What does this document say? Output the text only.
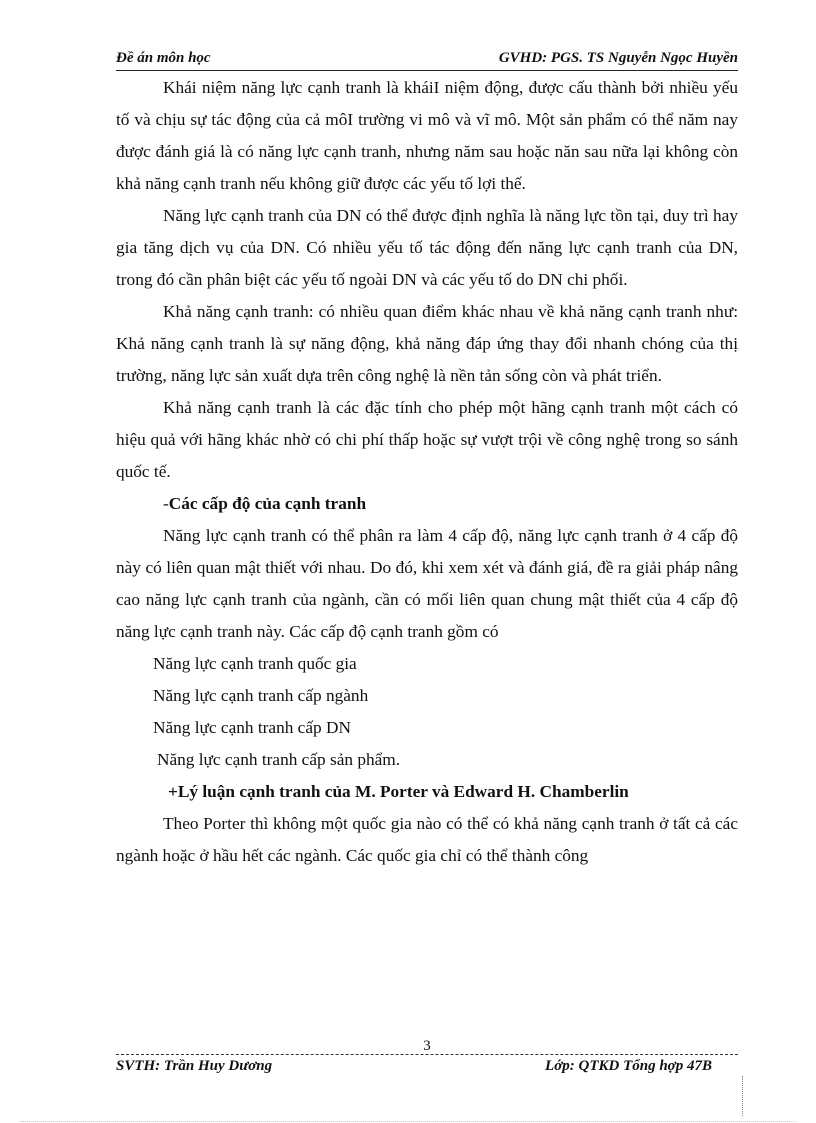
Đề án môn học	GVHD: PGS. TS Nguyễn Ngọc Huyền

Khái niệm năng lực cạnh tranh là kháiI niệm động, được cấu thành bởi nhiều yếu tố và chịu sự tác động của cả môI trường vi mô và vĩ mô. Một sản phẩm có thể năm nay được đánh giá là có năng lực cạnh tranh, nhưng năm sau hoặc năn sau nữa lại không còn khả năng cạnh tranh nếu không giữ được các yếu tố lợi thế.

Năng lực cạnh tranh của DN có thể được định nghĩa là năng lực tồn tại, duy trì hay gia tăng dịch vụ của DN. Có nhiều yếu tố tác động đến năng lực cạnh tranh của DN, trong đó cần phân biệt các yếu tố ngoài DN và các yếu tố do DN chi phối.

Khả năng cạnh tranh: có nhiều quan điểm khác nhau về khả năng cạnh tranh như: Khả năng cạnh tranh là sự năng động, khả năng đáp ứng thay đổi nhanh chóng của thị trường, năng lực sản xuất dựa trên công nghệ là nền tản sống còn và phát triển.

Khả năng cạnh tranh là các đặc tính cho phép một hãng cạnh tranh một cách có hiệu quả với hãng khác nhờ có chi phí thấp hoặc sự vượt trội về công nghệ trong so sánh quốc tế.

-Các cấp độ của cạnh tranh

Năng lực cạnh tranh có thể phân ra làm 4 cấp độ, năng lực cạnh tranh ở 4 cấp độ này có liên quan mật thiết với nhau. Do đó, khi xem xét và đánh giá, đề ra giải pháp nâng cao năng lực cạnh tranh của ngành, cần có mối liên quan chung mật thiết của 4 cấp độ năng lực cạnh tranh này. Các cấp độ cạnh tranh gồm có

Năng lực cạnh tranh quốc gia

Năng lực cạnh tranh cấp ngành

Năng lực cạnh tranh cấp DN

Năng lực cạnh tranh cấp sản phẩm.

+Lý luận cạnh tranh của M. Porter và Edward H. Chamberlin

Theo Porter thì không một quốc gia nào có thể có khả năng cạnh tranh ở tất cả các ngành hoặc ở hầu hết các ngành. Các quốc gia chỉ có thể thành công

3
SVTH: Trần Huy Dương	Lớp: QTKD Tổng hợp 47B
